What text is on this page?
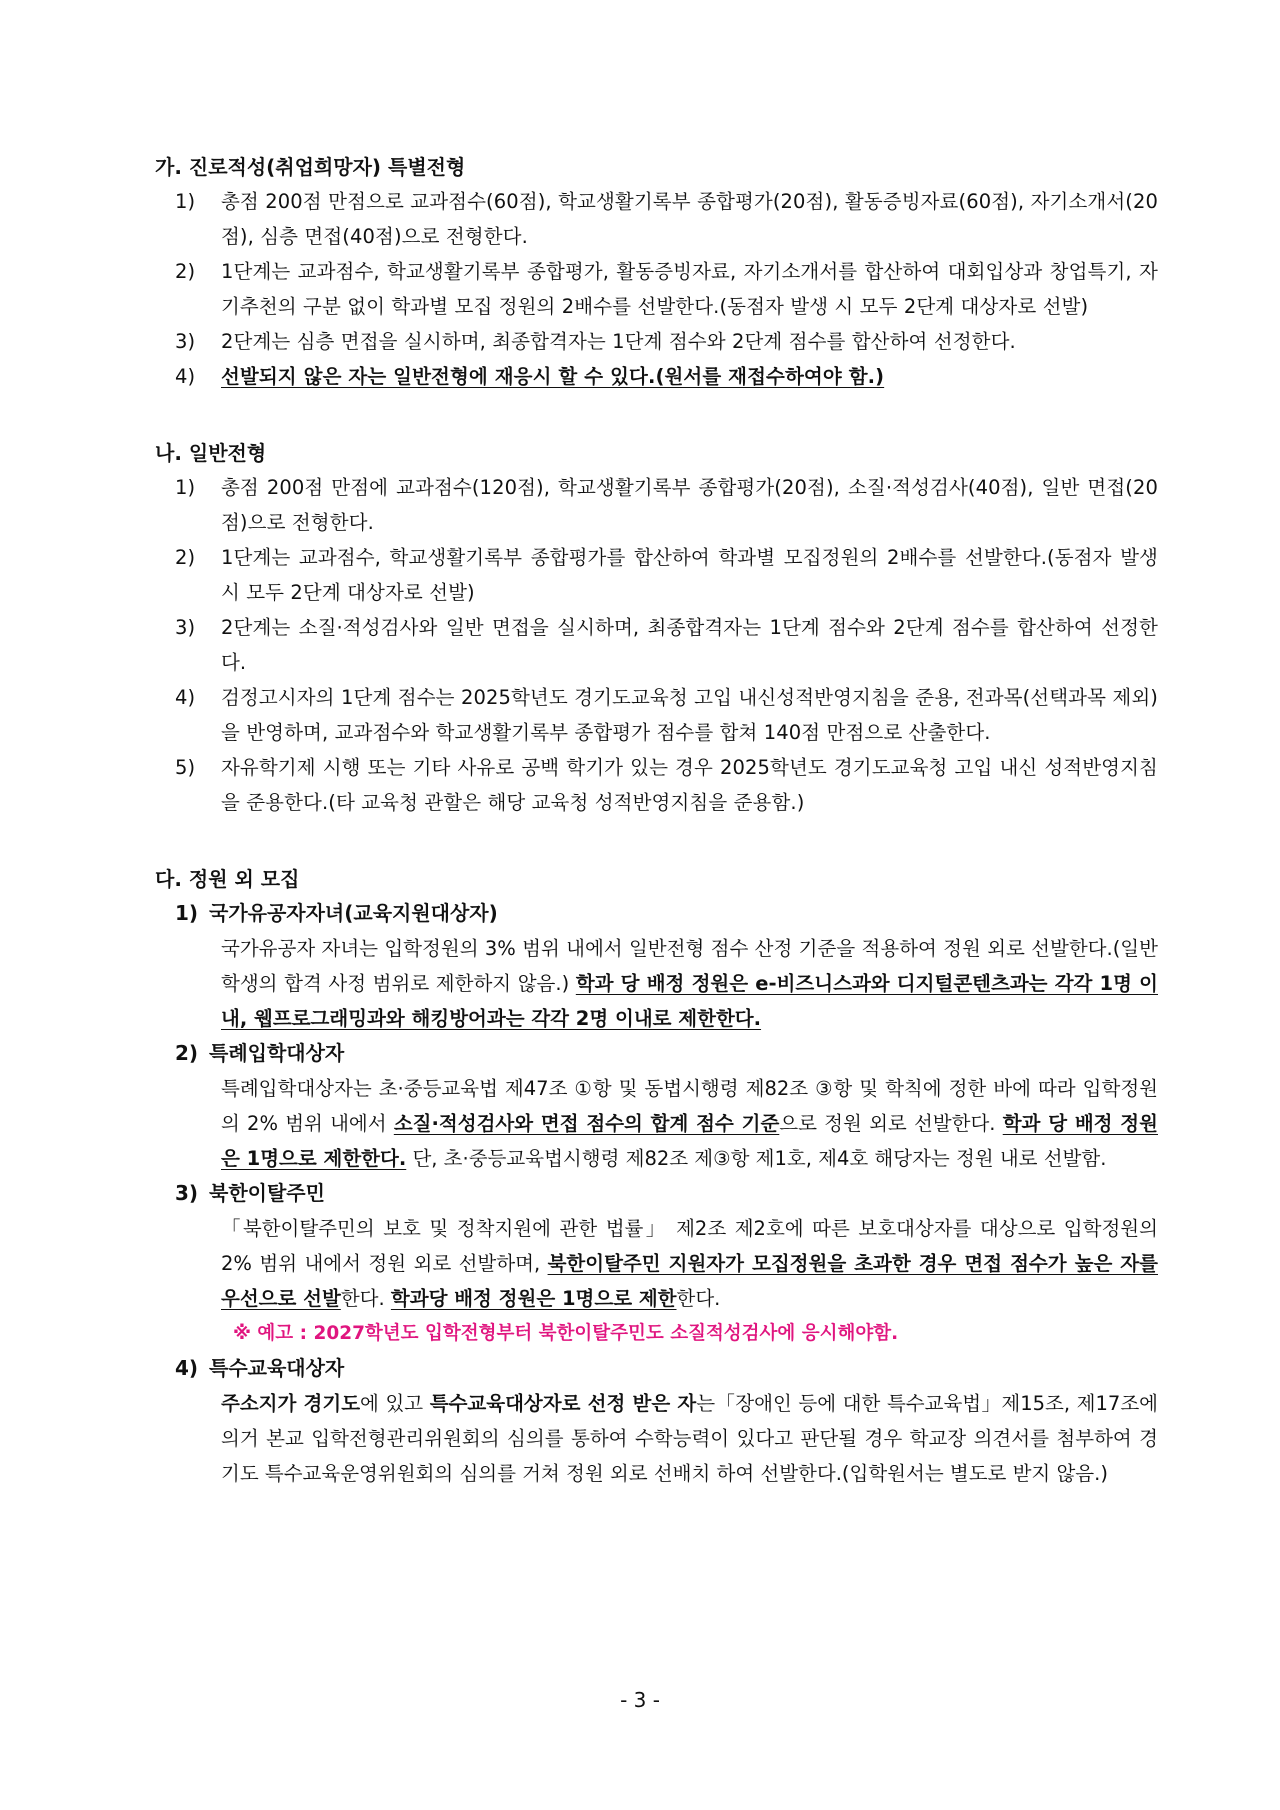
가. 진로적성(취업희망자) 특별전형

1) 총점 200점 만점으로 교과점수(60점), 학교생활기록부 종합평가(20점), 활동증빙자료(60점), 자기소개서(20점), 심층 면접(40점)으로 전형한다.
2) 1단계는 교과점수, 학교생활기록부 종합평가, 활동증빙자료, 자기소개서를 합산하여 대회입상과 창업특기, 자기추천의 구분 없이 학과별 모집 정원의 2배수를 선발한다.(동점자 발생 시 모두 2단계 대상자로 선발)
3) 2단계는 심층 면접을 실시하며, 최종합격자는 1단계 점수와 2단계 점수를 합산하여 선정한다.
4) 선발되지 않은 자는 일반전형에 재응시 할 수 있다.(원서를 재접수하여야 함.)

나. 일반전형

1) 총점 200점 만점에 교과점수(120점), 학교생활기록부 종합평가(20점), 소질·적성검사(40점), 일반 면접(20점)으로 전형한다.
2) 1단계는 교과점수, 학교생활기록부 종합평가를 합산하여 학과별 모집정원의 2배수를 선발한다.(동점자 발생 시 모두 2단계 대상자로 선발)
3) 2단계는 소질·적성검사와 일반 면접을 실시하며, 최종합격자는 1단계 점수와 2단계 점수를 합산하여 선정한다.
4) 검정고시자의 1단계 점수는 2025학년도 경기도교육청 고입 내신성적반영지침을 준용, 전과목(선택과목 제외)을 반영하며, 교과점수와 학교생활기록부 종합평가 점수를 합쳐 140점 만점으로 산출한다.
5) 자유학기제 시행 또는 기타 사유로 공백 학기가 있는 경우 2025학년도 경기도교육청 고입 내신 성적반영지침을 준용한다.(타 교육청 관할은 해당 교육청 성적반영지침을 준용함.)

다. 정원 외 모집

1) 국가유공자자녀(교육지원대상자)
국가유공자 자녀는 입학정원의 3% 범위 내에서 일반전형 점수 산정 기준을 적용하여 정원 외로 선발한다.(일반 학생의 합격 사정 범위로 제한하지 않음.) 학과 당 배정 정원은 e-비즈니스과와 디지털콘텐츠과는 각각 1명 이내, 웹프로그래밍과와 해킹방어과는 각각 2명 이내로 제한한다.
2) 특례입학대상자
특례입학대상자는 초·중등교육법 제47조 ①항 및 동법시행령 제82조 ③항 및 학칙에 정한 바에 따라 입학정원의 2% 범위 내에서 소질·적성검사와 면접 점수의 합계 점수 기준으로 정원 외로 선발한다. 학과 당 배정 정원은 1명으로 제한한다. 단, 초·중등교육법시행령 제82조 제③항 제1호, 제4호 해당자는 정원 내로 선발함.
3) 북한이탈주민
「북한이탈주민의 보호 및 정착지원에 관한 법률」 제2조 제2호에 따른 보호대상자를 대상으로 입학정원의 2% 범위 내에서 정원 외로 선발하며, 북한이탈주민 지원자가 모집정원을 초과한 경우 면접 점수가 높은 자를 우선으로 선발한다. 학과당 배정 정원은 1명으로 제한한다.
※ 예고 : 2027학년도 입학전형부터 북한이탈주민도 소질적성검사에 응시해야함.
4) 특수교육대상자
주소지가 경기도에 있고 특수교육대상자로 선정 받은 자는「장애인 등에 대한 특수교육법」제15조, 제17조에 의거 본교 입학전형관리위원회의 심의를 통하여 수학능력이 있다고 판단될 경우 학교장 의견서를 첨부하여 경기도 특수교육운영위원회의 심의를 거쳐 정원 외로 선배치 하여 선발한다.(입학원서는 별도로 받지 않음.)
- 3 -
